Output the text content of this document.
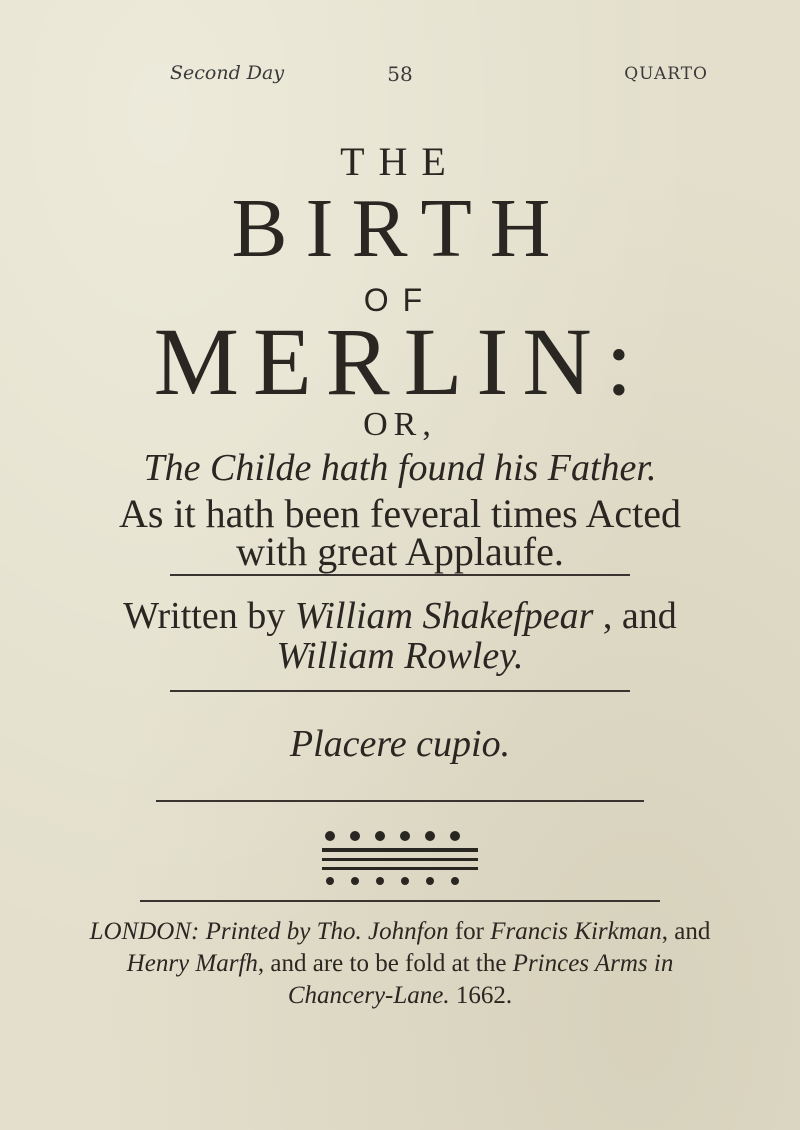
Second Day	58	QUARTO
THE
BIRTH
OF
MERLIN:
OR,
The Childe hath found his Father.
As it hath been feveral times Acted
with great Applaufe.
Written by William Shakefpear , and
William Rowley.
Placere cupio.
LONDON: Printed by Tho. Johnfon for Francis Kirkman, and
Henry Marfh, and are to be fold at the Princes Arms in
Chancery-Lane. 1662.
